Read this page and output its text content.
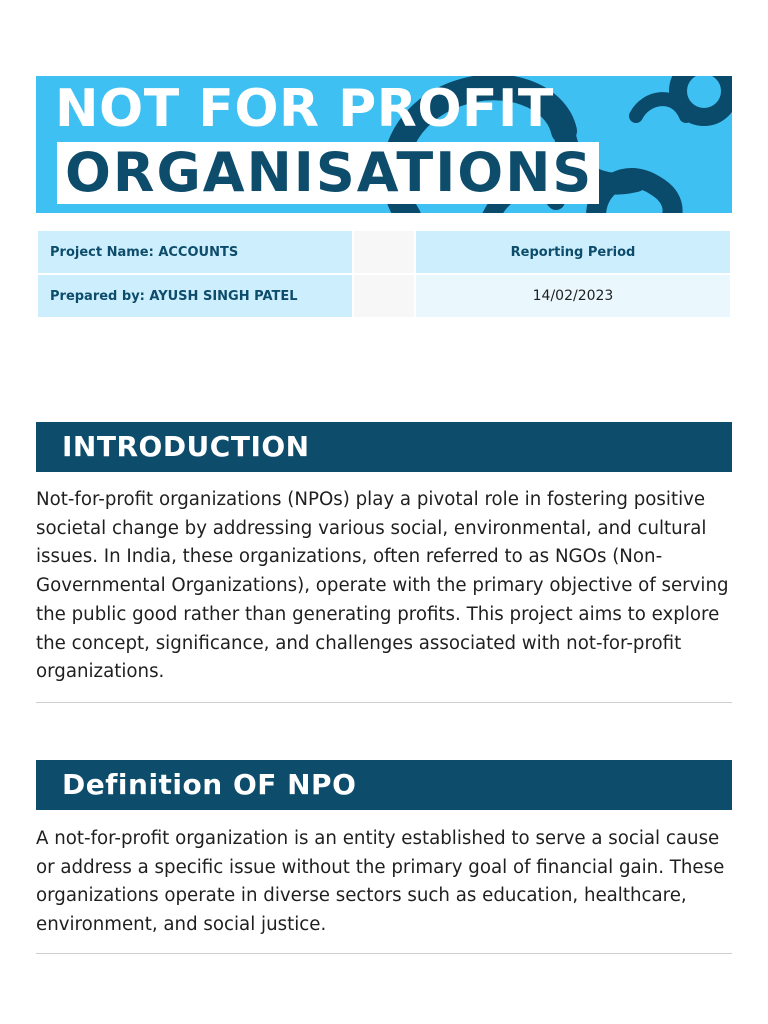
NOT FOR PROFIT
ORGANISATIONS
Project Name: ACCOUNTS		Reporting Period
Prepared by: AYUSH SINGH PATEL		14/02/2023
INTRODUCTION

Not-for-profit organizations (NPOs) play a pivotal role in fostering positive societal change by addressing various social, environmental, and cultural issues. In India, these organizations, often referred to as NGOs (Non-Governmental Organizations), operate with the primary objective of serving the public good rather than generating profits. This project aims to explore the concept, significance, and challenges associated with not-for-profit organizations.

Definition OF NPO

A not-for-profit organization is an entity established to serve a social cause or address a specific issue without the primary goal of financial gain. These organizations operate in diverse sectors such as education, healthcare, environment, and social justice.
